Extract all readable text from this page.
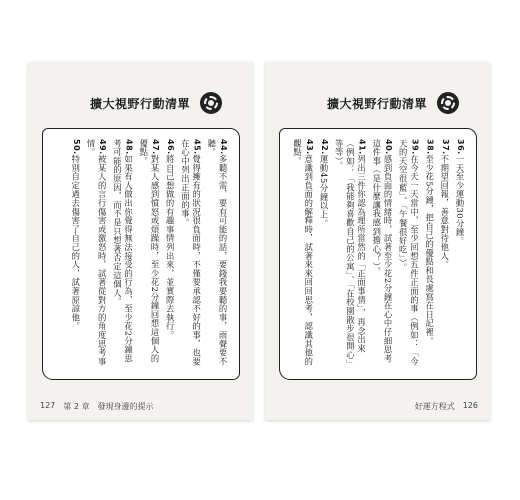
擴大視野行動清單
44.多聽不需，要有可能的話，要錢我要聽的事，雨聲要不聽。
45.覺得擁有的狀況很負面時，不僅要承認不好的事，也要在心中列出正面的事。
46.將自己想做的有趣事情列出來，並實際去執行。
47.對某人感到憤怒或煩躁時，至少花2分鐘回想這個人的優點。
48.如果有人做出你覺得無法接受的行為，至少花2分鐘思考可能的原因，而不是只想著否定這個人。
49.被某人的言行傷害或激怒時，試著從對方的角度思考事情。
50.特別自定過去傷害了自己的人，試著原諒他。
127 第 2 章　發現身邊的提示
擴大視野行動清單
36.一天至少運動30分鐘。
37.不期望回報，善意對待他人。
38.至少花5分鐘，把自己的優點和長處寫在日記裡。
39.在今天一天當中，至少回想五件正面的事（例如：「今天的天空很藍」、「午餐很好吃」）。
40.感到負面的情緒時，試著至少花2分鐘在心中仔細思考這件事（是什麼讓我感到擔心？）。
41.列出三件你認為理所當然的「正面事情」，再念出來（例如：「我能夠喜歡自己的公寓」、「在校園散步很開心」等等）。
42.運動45分鐘以上。
43.意識到負面的解釋時，試著來來回回思考，認識其他的觀點。
好運方程式 126
